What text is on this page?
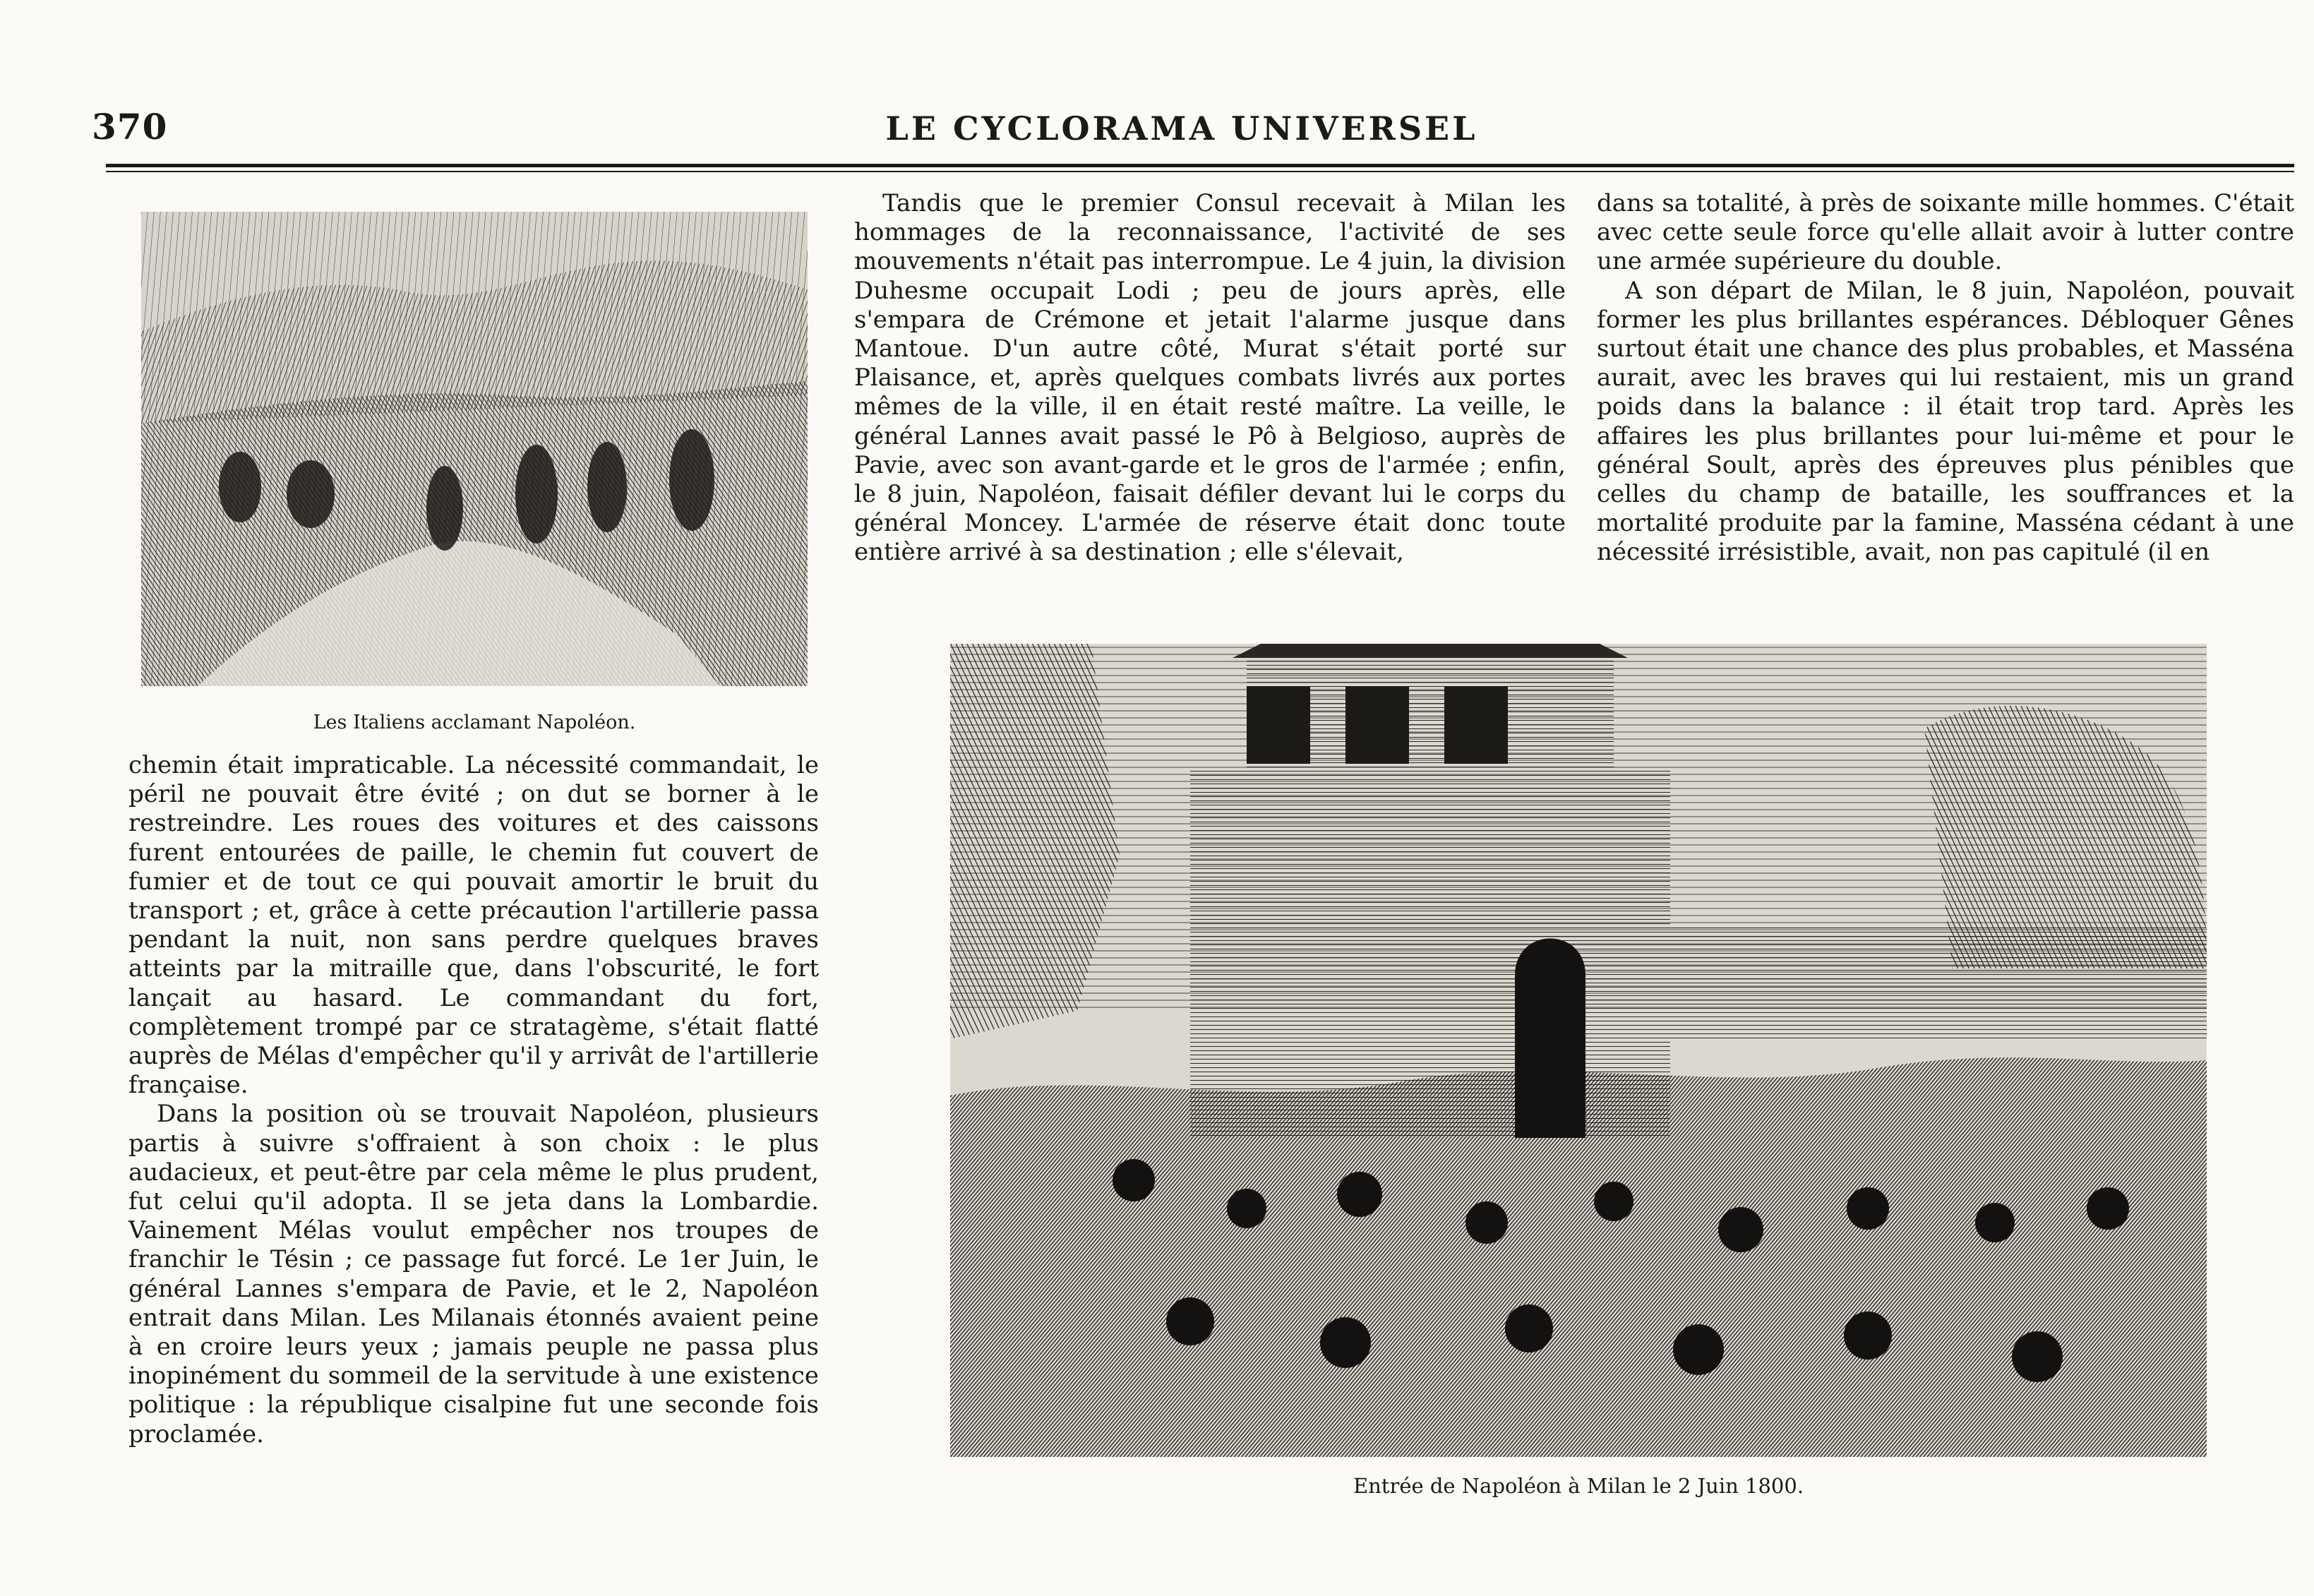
370	LE CYCLORAMA UNIVERSEL
Les Italiens acclamant Napoléon.

chemin était impraticable. La nécessité commandait, le péril ne pouvait être évité ; on dut se borner à le restreindre. Les roues des voitures et des caissons furent entourées de paille, le chemin fut couvert de fumier et de tout ce qui pouvait amortir le bruit du transport ; et, grâce à cette précaution l'artillerie passa pendant la nuit, non sans perdre quelques braves atteints par la mitraille que, dans l'obscurité, le fort lançait au hasard. Le commandant du fort, complètement trompé par ce stratagème, s'était flatté auprès de Mélas d'empêcher qu'il y arrivât de l'artillerie française.

Dans la position où se trouvait Napoléon, plusieurs partis à suivre s'offraient à son choix : le plus audacieux, et peut-être par cela même le plus prudent, fut celui qu'il adopta. Il se jeta dans la Lombardie. Vainement Mélas voulut empêcher nos troupes de franchir le Tésin ; ce passage fut forcé. Le 1er Juin, le général Lannes s'empara de Pavie, et le 2, Napoléon entrait dans Milan. Les Milanais étonnés avaient peine à en croire leurs yeux ; jamais peuple ne passa plus inopinément du sommeil de la servitude à une existence politique : la république cisalpine fut une seconde fois proclamée.

Tandis que le premier Consul recevait à Milan les hommages de la reconnaissance, l'activité de ses mouvements n'était pas interrompue. Le 4 juin, la division Duhesme occupait Lodi ; peu de jours après, elle s'empara de Crémone et jetait l'alarme jusque dans Mantoue. D'un autre côté, Murat s'était porté sur Plaisance, et, après quelques combats livrés aux portes mêmes de la ville, il en était resté maître. La veille, le général Lannes avait passé le Pô à Belgioso, auprès de Pavie, avec son avant-garde et le gros de l'armée ; enfin, le 8 juin, Napoléon, faisait défiler devant lui le corps du général Moncey. L'armée de réserve était donc toute entière arrivé à sa destination ; elle s'élevait,

dans sa totalité, à près de soixante mille hommes. C'était avec cette seule force qu'elle allait avoir à lutter contre une armée supérieure du double.

A son départ de Milan, le 8 juin, Napoléon, pouvait former les plus brillantes espérances. Débloquer Gênes surtout était une chance des plus probables, et Masséna aurait, avec les braves qui lui restaient, mis un grand poids dans la balance : il était trop tard. Après les affaires les plus brillantes pour lui-même et pour le général Soult, après des épreuves plus pénibles que celles du champ de bataille, les souffrances et la mortalité produite par la famine, Masséna cédant à une nécessité irrésistible, avait, non pas capitulé (il en

Entrée de Napoléon à Milan le 2 Juin 1800.
